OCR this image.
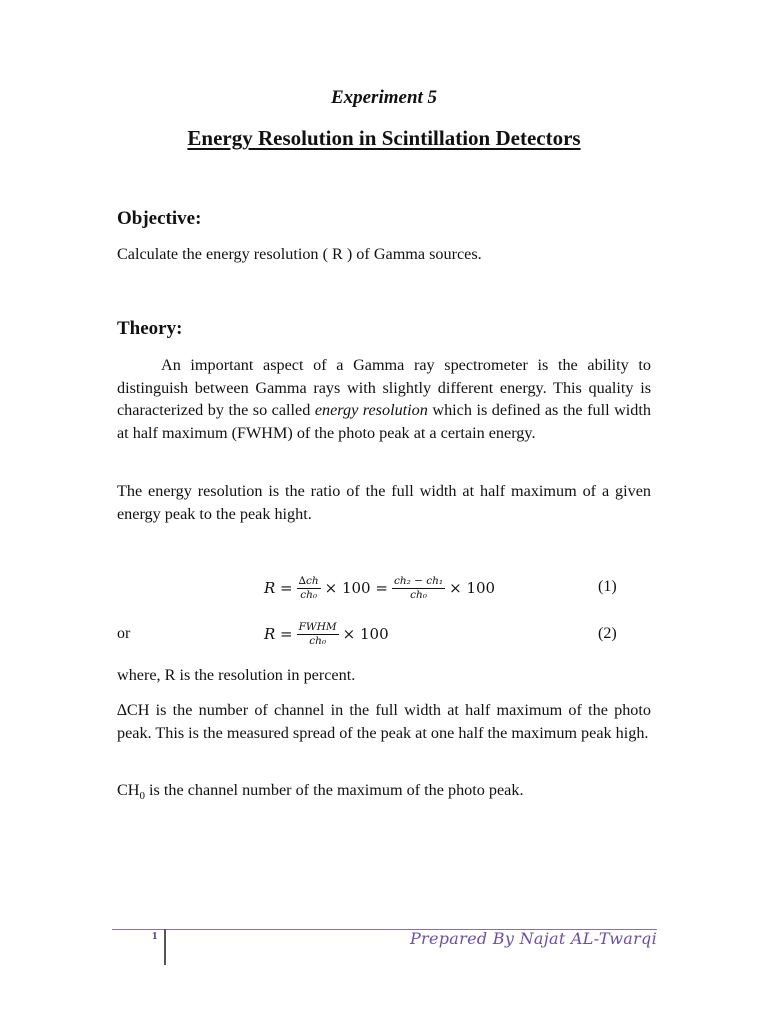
Experiment 5
Energy Resolution in Scintillation Detectors
Objective:
Calculate the energy resolution ( R ) of Gamma sources.
Theory:
An important aspect of a Gamma ray spectrometer is the ability to distinguish between Gamma rays with slightly different energy. This quality is characterized by the so called energy resolution which is defined as the full width at half maximum (FWHM) of the photo peak at a certain energy.
The energy resolution is the ratio of the full width at half maximum of a given energy peak to the peak hight.
$R = \frac{\Delta ch}{\text{ch₀}} \times 100 = \frac{\text{ch₂ − ch₁}}{\text{ch₀}} \times 100$	(1)
or	$R = \frac{\text{FWHM}}{\text{ch₀}} \times 100$	(2)
where, R is the resolution in percent.
∆CH is the number of channel in the full width at half maximum of the photo peak. This is the measured spread of the peak at one half the maximum peak high.
$CH_0$ is the channel number of the maximum of the photo peak.
1	Prepared By Najat AL-Twarqi
